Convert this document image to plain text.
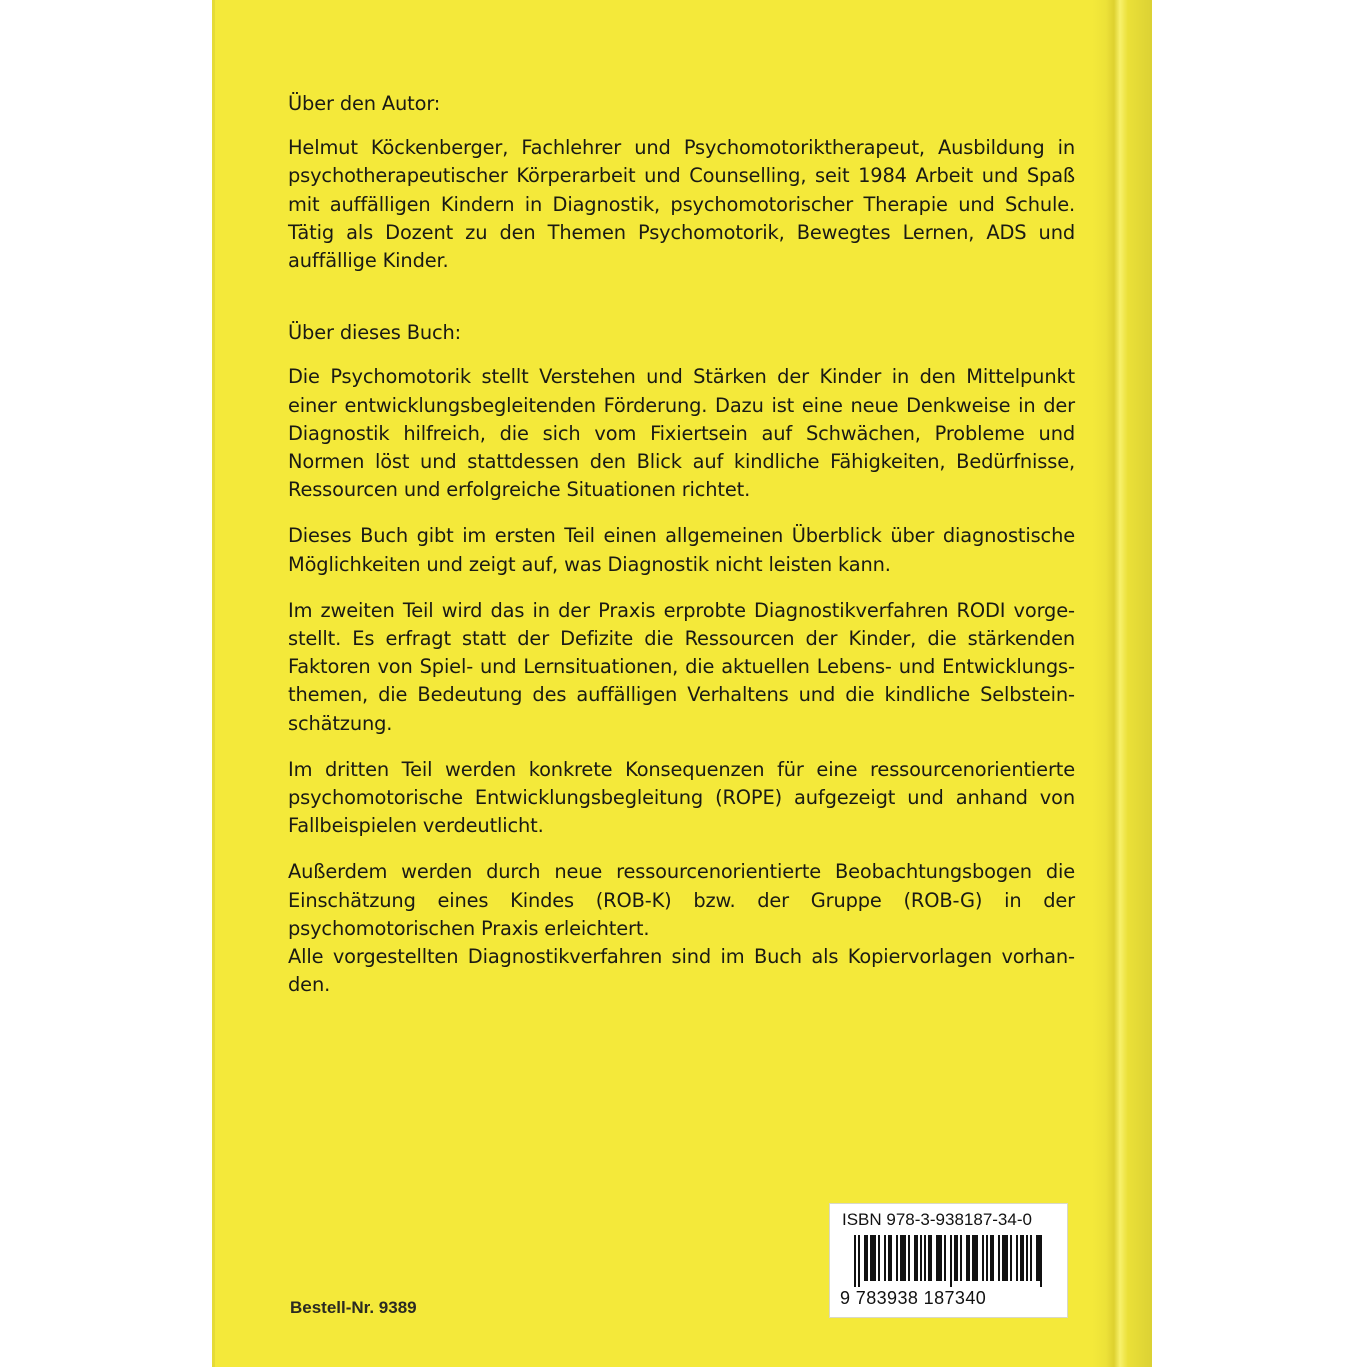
Über den Autor:
Helmut Köckenberger, Fachlehrer und Psychomotoriktherapeut, Ausbildung in psychotherapeutischer Körperarbeit und Counselling, seit 1984 Arbeit und Spaß mit auffälligen Kindern in Diagnostik, psychomotorischer Therapie und Schule. Tätig als Dozent zu den Themen Psychomotorik, Bewegtes Lernen, ADS und auffällige Kinder.
Über dieses Buch:
Die Psychomotorik stellt Verstehen und Stärken der Kinder in den Mittelpunkt einer entwicklungsbegleitenden Förderung. Dazu ist eine neue Denkweise in der Diagnostik hilfreich, die sich vom Fixiertsein auf Schwächen, Probleme und Normen löst und stattdessen den Blick auf kindliche Fähigkeiten, Bedürfnisse, Ressourcen und erfolgreiche Situationen richtet.
Dieses Buch gibt im ersten Teil einen allgemeinen Überblick über diagnostische Möglichkeiten und zeigt auf, was Diagnostik nicht leisten kann.
Im zweiten Teil wird das in der Praxis erprobte Diagnostikverfahren RODI vorgestellt. Es erfragt statt der Defizite die Ressourcen der Kinder, die stärkenden Faktoren von Spiel- und Lernsituationen, die aktuellen Lebens- und Entwicklungsthemen, die Bedeutung des auffälligen Verhaltens und die kindliche Selbsteinschätzung.
Im dritten Teil werden konkrete Konsequenzen für eine ressourcenorientierte psychomotorische Entwicklungsbegleitung (ROPE) aufgezeigt und anhand von Fallbeispielen verdeutlicht.
Außerdem werden durch neue ressourcenorientierte Beobachtungsbogen die Einschätzung eines Kindes (ROB-K) bzw. der Gruppe (ROB-G) in der psychomotorischen Praxis erleichtert.
Alle vorgestellten Diagnostikverfahren sind im Buch als Kopiervorlagen vorhanden.
Bestell-Nr. 9389
ISBN 978-3-938187-34-0
9 783938 187340
